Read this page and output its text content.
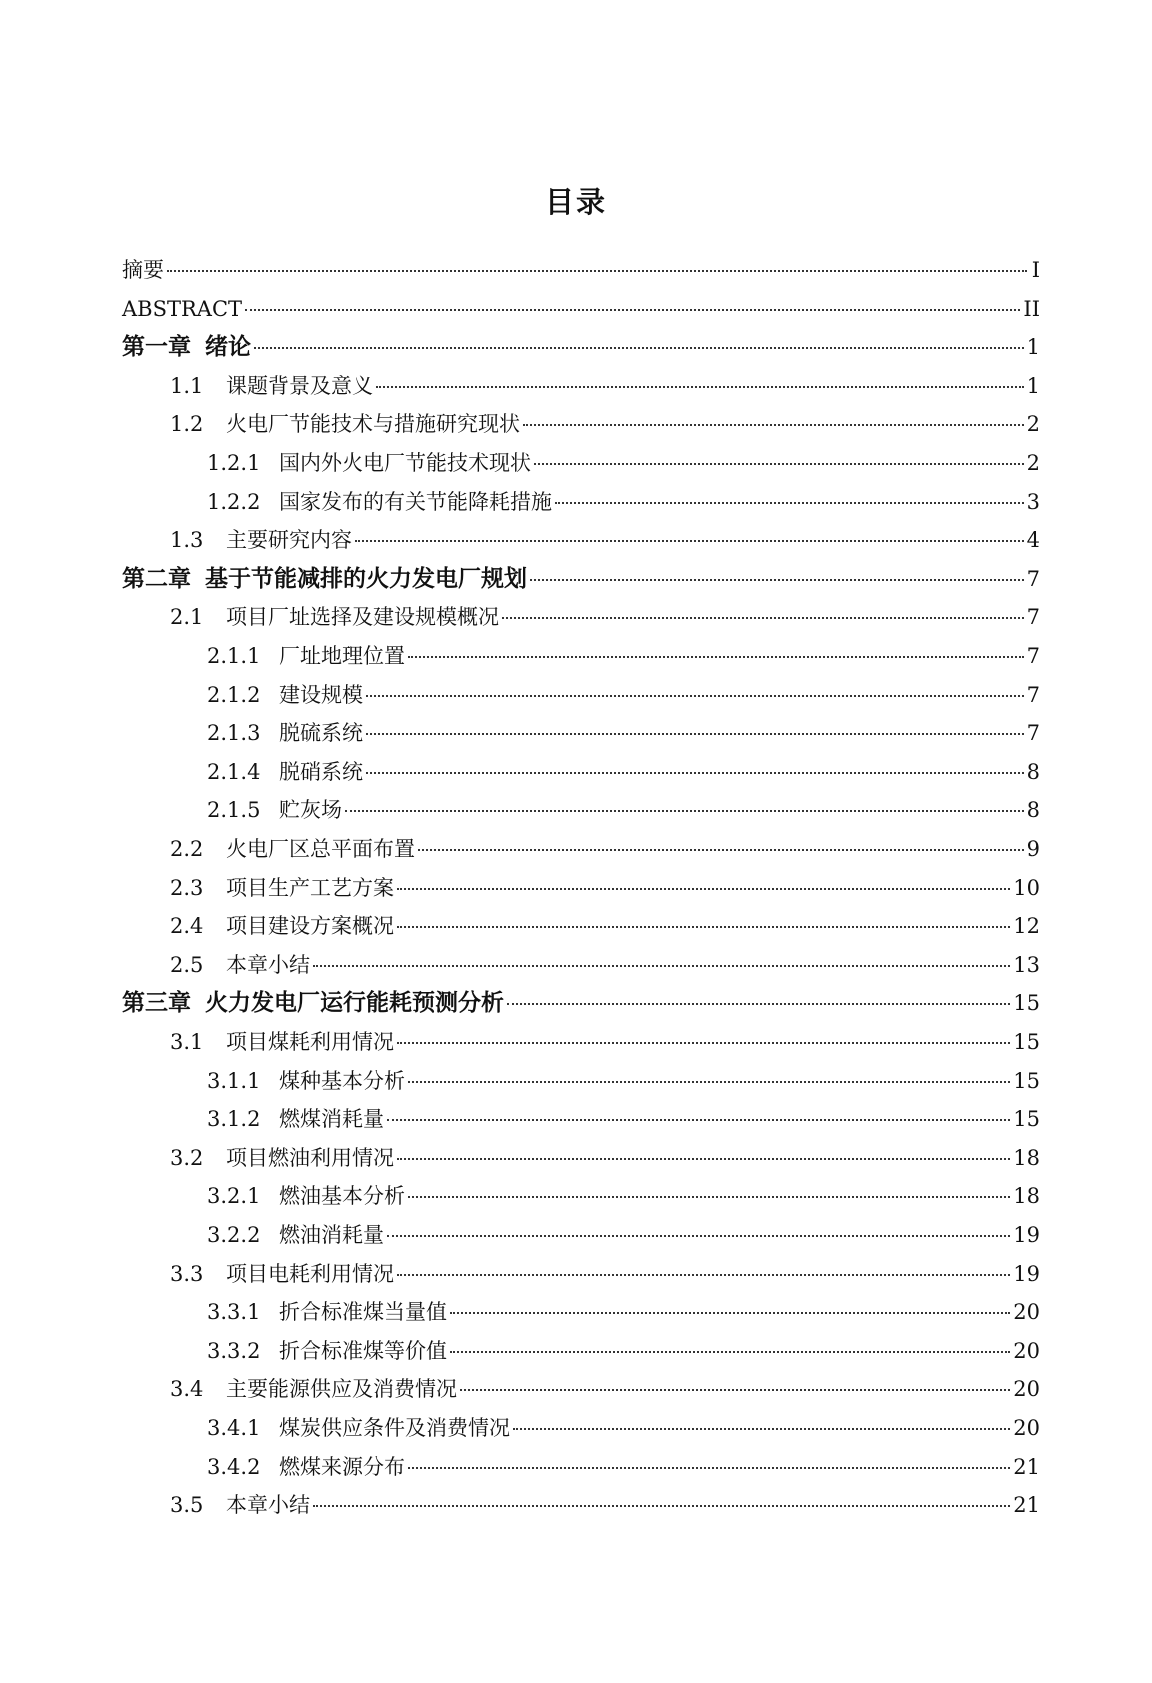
目录
摘要	I
ABSTRACT	II
第一章 绪论	1
1.1	课题背景及意义	1
1.2	火电厂节能技术与措施研究现状	2
1.2.1 国内外火电厂节能技术现状	2
1.2.2 国家发布的有关节能降耗措施	3
1.3	主要研究内容	4
第二章 基于节能减排的火力发电厂规划	7
2.1	项目厂址选择及建设规模概况	7
2.1.1 厂址地理位置	7
2.1.2 建设规模	7
2.1.3 脱硫系统	7
2.1.4 脱硝系统	8
2.1.5 贮灰场	8
2.2	火电厂区总平面布置	9
2.3	项目生产工艺方案	10
2.4	项目建设方案概况	12
2.5	本章小结	13
第三章 火力发电厂运行能耗预测分析	15
3.1	项目煤耗利用情况	15
3.1.1 煤种基本分析	15
3.1.2 燃煤消耗量	15
3.2	项目燃油利用情况	18
3.2.1 燃油基本分析	18
3.2.2 燃油消耗量	19
3.3	项目电耗利用情况	19
3.3.1 折合标准煤当量值	20
3.3.2 折合标准煤等价值	20
3.4	主要能源供应及消费情况	20
3.4.1 煤炭供应条件及消费情况	20
3.4.2 燃煤来源分布	21
3.5	本章小结	21
